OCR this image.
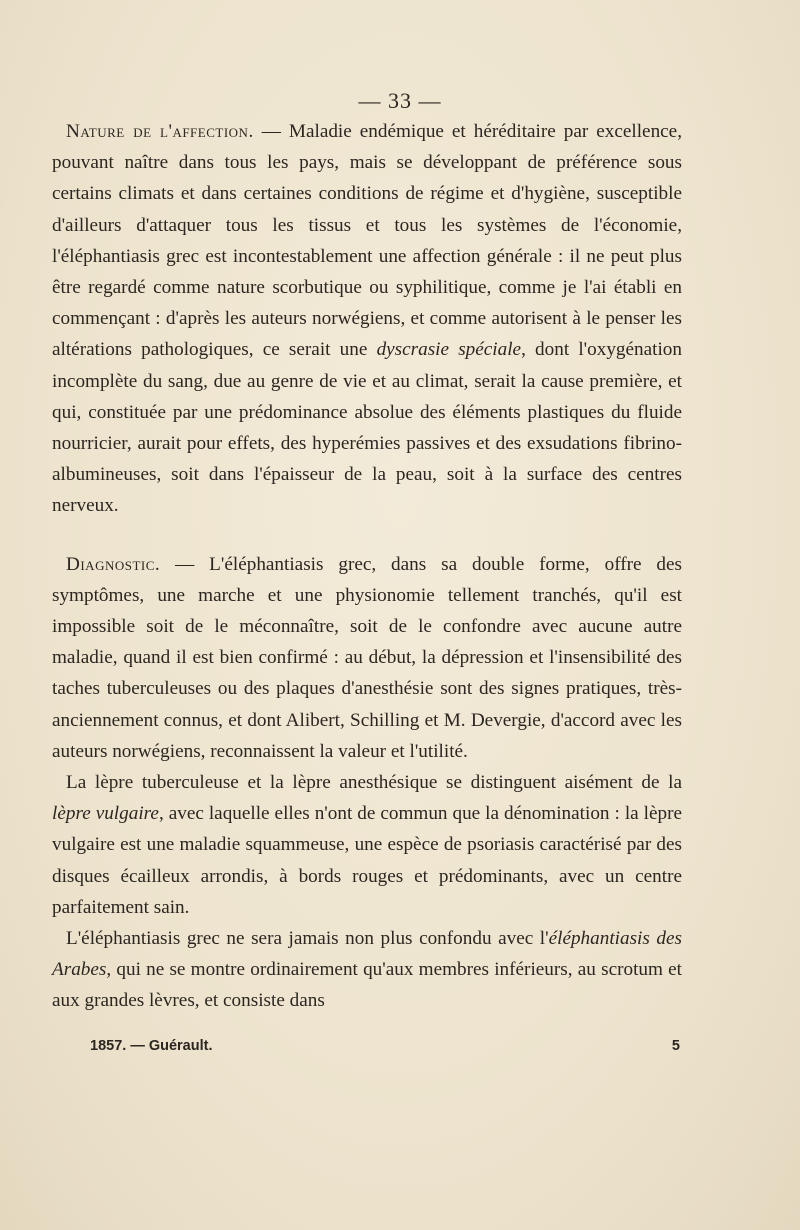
— 33 —

Nature de l'affection. — Maladie endémique et héréditaire par excellence, pouvant naître dans tous les pays, mais se développant de préférence sous certains climats et dans certaines conditions de régime et d'hygiène, susceptible d'ailleurs d'attaquer tous les tissus et tous les systèmes de l'économie, l'éléphantiasis grec est incontestablement une affection générale : il ne peut plus être regardé comme nature scorbutique ou syphilitique, comme je l'ai établi en commençant : d'après les auteurs norwégiens, et comme autorisent à le penser les altérations pathologiques, ce serait une dyscrasie spéciale, dont l'oxygénation incomplète du sang, due au genre de vie et au climat, serait la cause première, et qui, constituée par une prédominance absolue des éléments plastiques du fluide nourricier, aurait pour effets, des hyperémies passives et des exsudations fibrino-albumineuses, soit dans l'épaisseur de la peau, soit à la surface des centres nerveux.

Diagnostic. — L'éléphantiasis grec, dans sa double forme, offre des symptômes, une marche et une physionomie tellement tranchés, qu'il est impossible soit de le méconnaître, soit de le confondre avec aucune autre maladie, quand il est bien confirmé : au début, la dépression et l'insensibilité des taches tuberculeuses ou des plaques d'anesthésie sont des signes pratiques, très-anciennement connus, et dont Alibert, Schilling et M. Devergie, d'accord avec les auteurs norwégiens, reconnaissent la valeur et l'utilité.

La lèpre tuberculeuse et la lèpre anesthésique se distinguent aisément de la lèpre vulgaire, avec laquelle elles n'ont de commun que la dénomination : la lèpre vulgaire est une maladie squammeuse, une espèce de psoriasis caractérisé par des disques écailleux arrondis, à bords rouges et prédominants, avec un centre parfaitement sain.

L'éléphantiasis grec ne sera jamais non plus confondu avec l'éléphantiasis des Arabes, qui ne se montre ordinairement qu'aux membres inférieurs, au scrotum et aux grandes lèvres, et consiste dans

1857. — Guérault.	5
